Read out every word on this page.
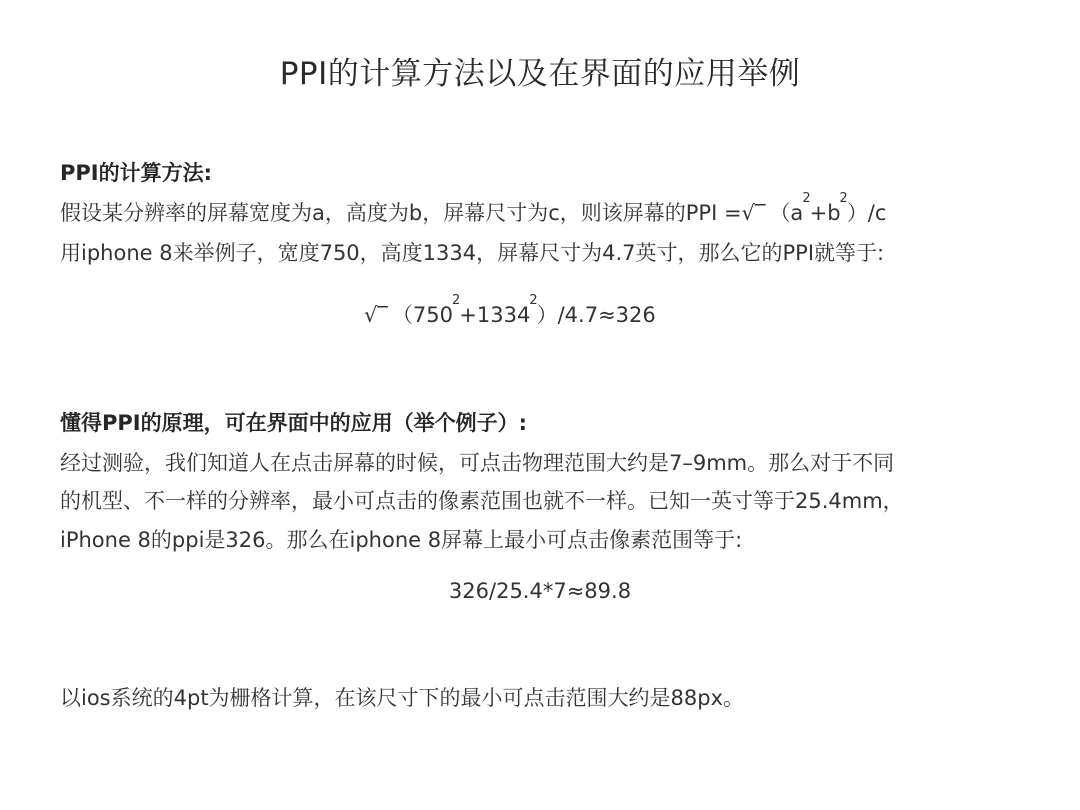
PPI的计算方法以及在界面的应用举例
PPI的计算方法:
假设某分辨率的屏幕宽度为a，高度为b，屏幕尺寸为c，则该屏幕的PPI =√‾ $(a^2+b^2)/c$
用iphone 8来举例子，宽度750，高度1334，屏幕尺寸为4.7英寸，那么它的PPI就等于:
√‾ $(750^2+1334^2)/4.7\approx 326$
懂得PPI的原理，可在界面中的应用（举个例子）:
经过测验，我们知道人在点击屏幕的时候，可点击物理范围大约是7–9mm。那么对于不同
的机型、不一样的分辨率，最小可点击的像素范围也就不一样。已知一英寸等于25.4mm，
iPhone 8的ppi是326。那么在iphone 8屏幕上最小可点击像素范围等于:
326/25.4*7≈89.8
以ios系统的4pt为栅格计算，在该尺寸下的最小可点击范围大约是88px。
